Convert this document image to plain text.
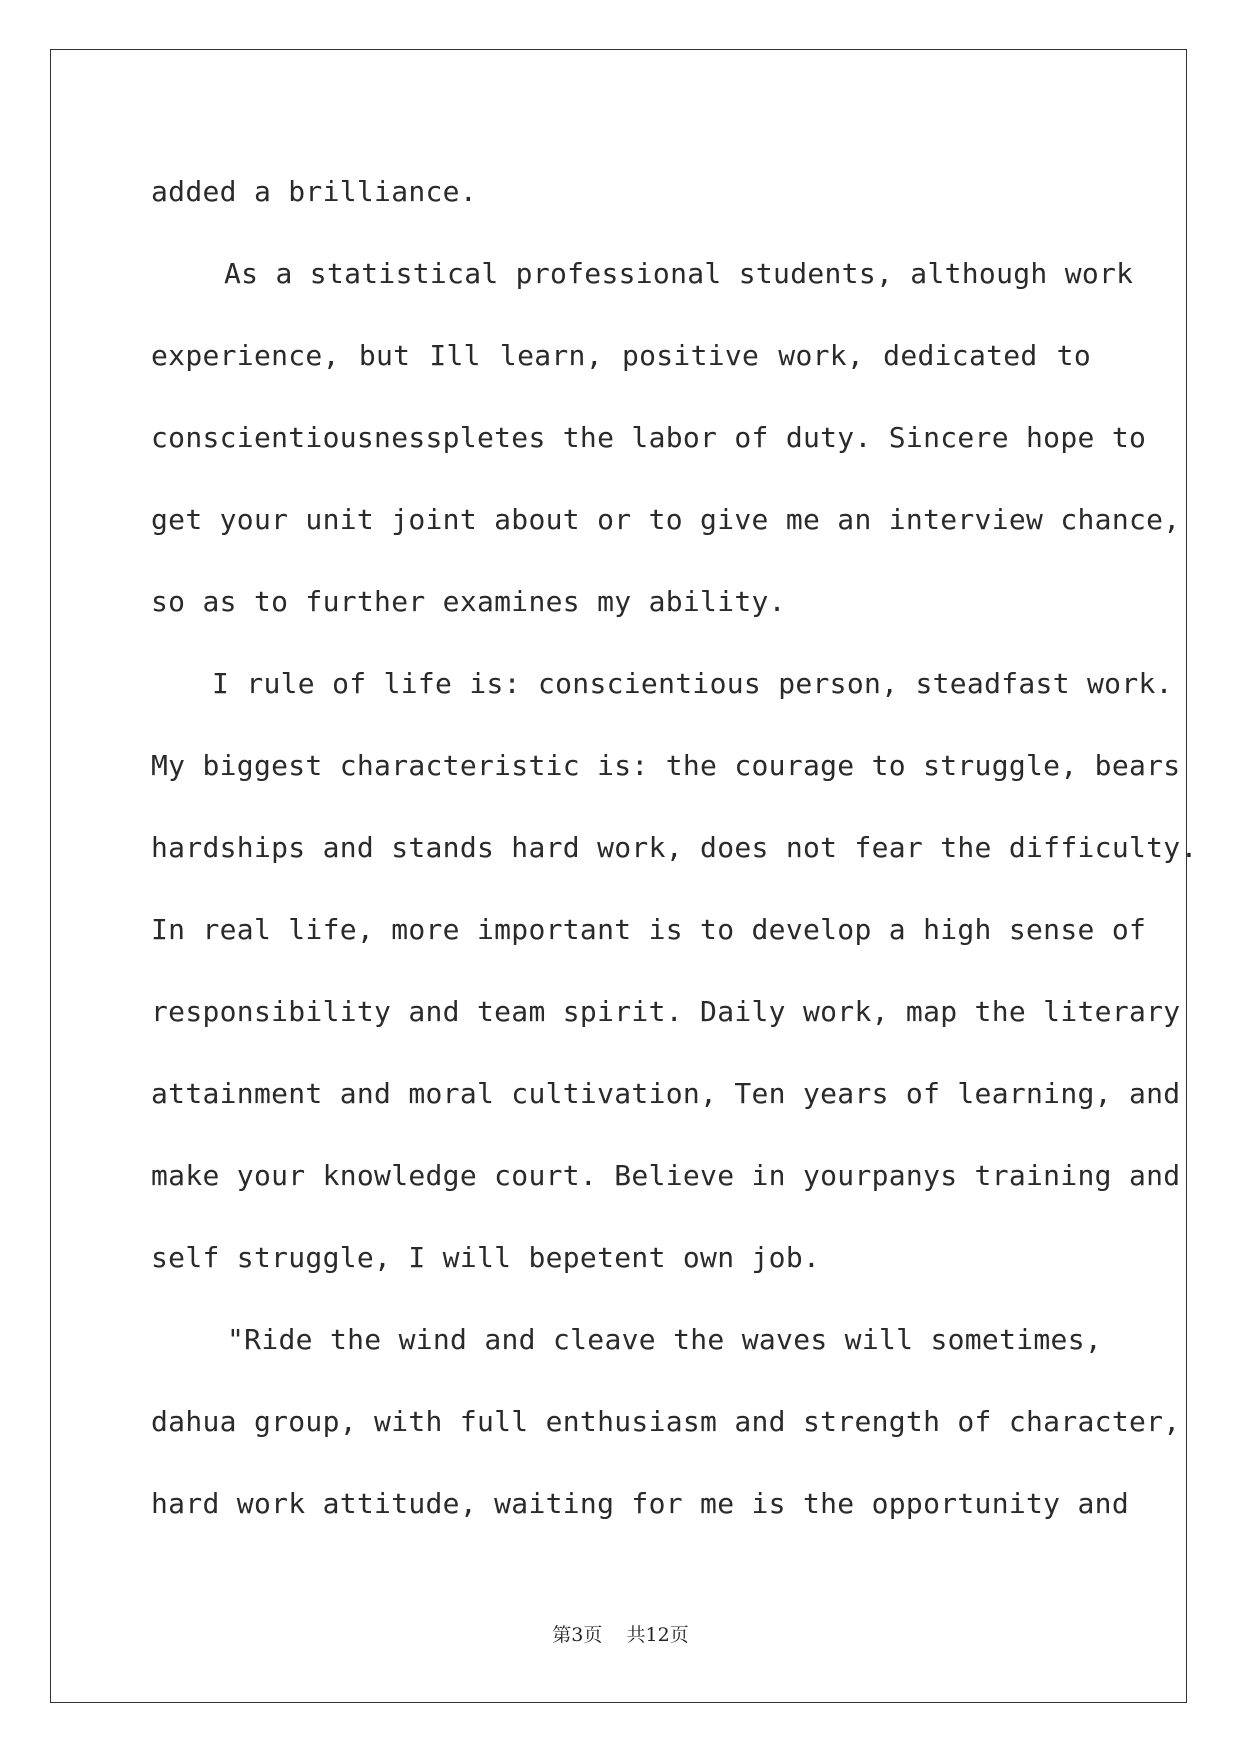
added a brilliance.

As a statistical professional students, although work

experience, but Ill learn, positive work, dedicated to

conscientiousnesspletes the labor of duty. Sincere hope to

get your unit joint about or to give me an interview chance,

so as to further examines my ability.

I rule of life is: conscientious person, steadfast work.

My biggest characteristic is: the courage to struggle, bears

hardships and stands hard work, does not fear the difficulty.

In real life, more important is to develop a high sense of

responsibility and team spirit. Daily work, map the literary

attainment and moral cultivation, Ten years of learning, and

make your knowledge court. Believe in yourpanys training and

self struggle, I will bepetent own job.

"Ride the wind and cleave the waves will sometimes,

dahua group, with full enthusiasm and strength of character,

hard work attitude, waiting for me is the opportunity and

第3页 共12页
